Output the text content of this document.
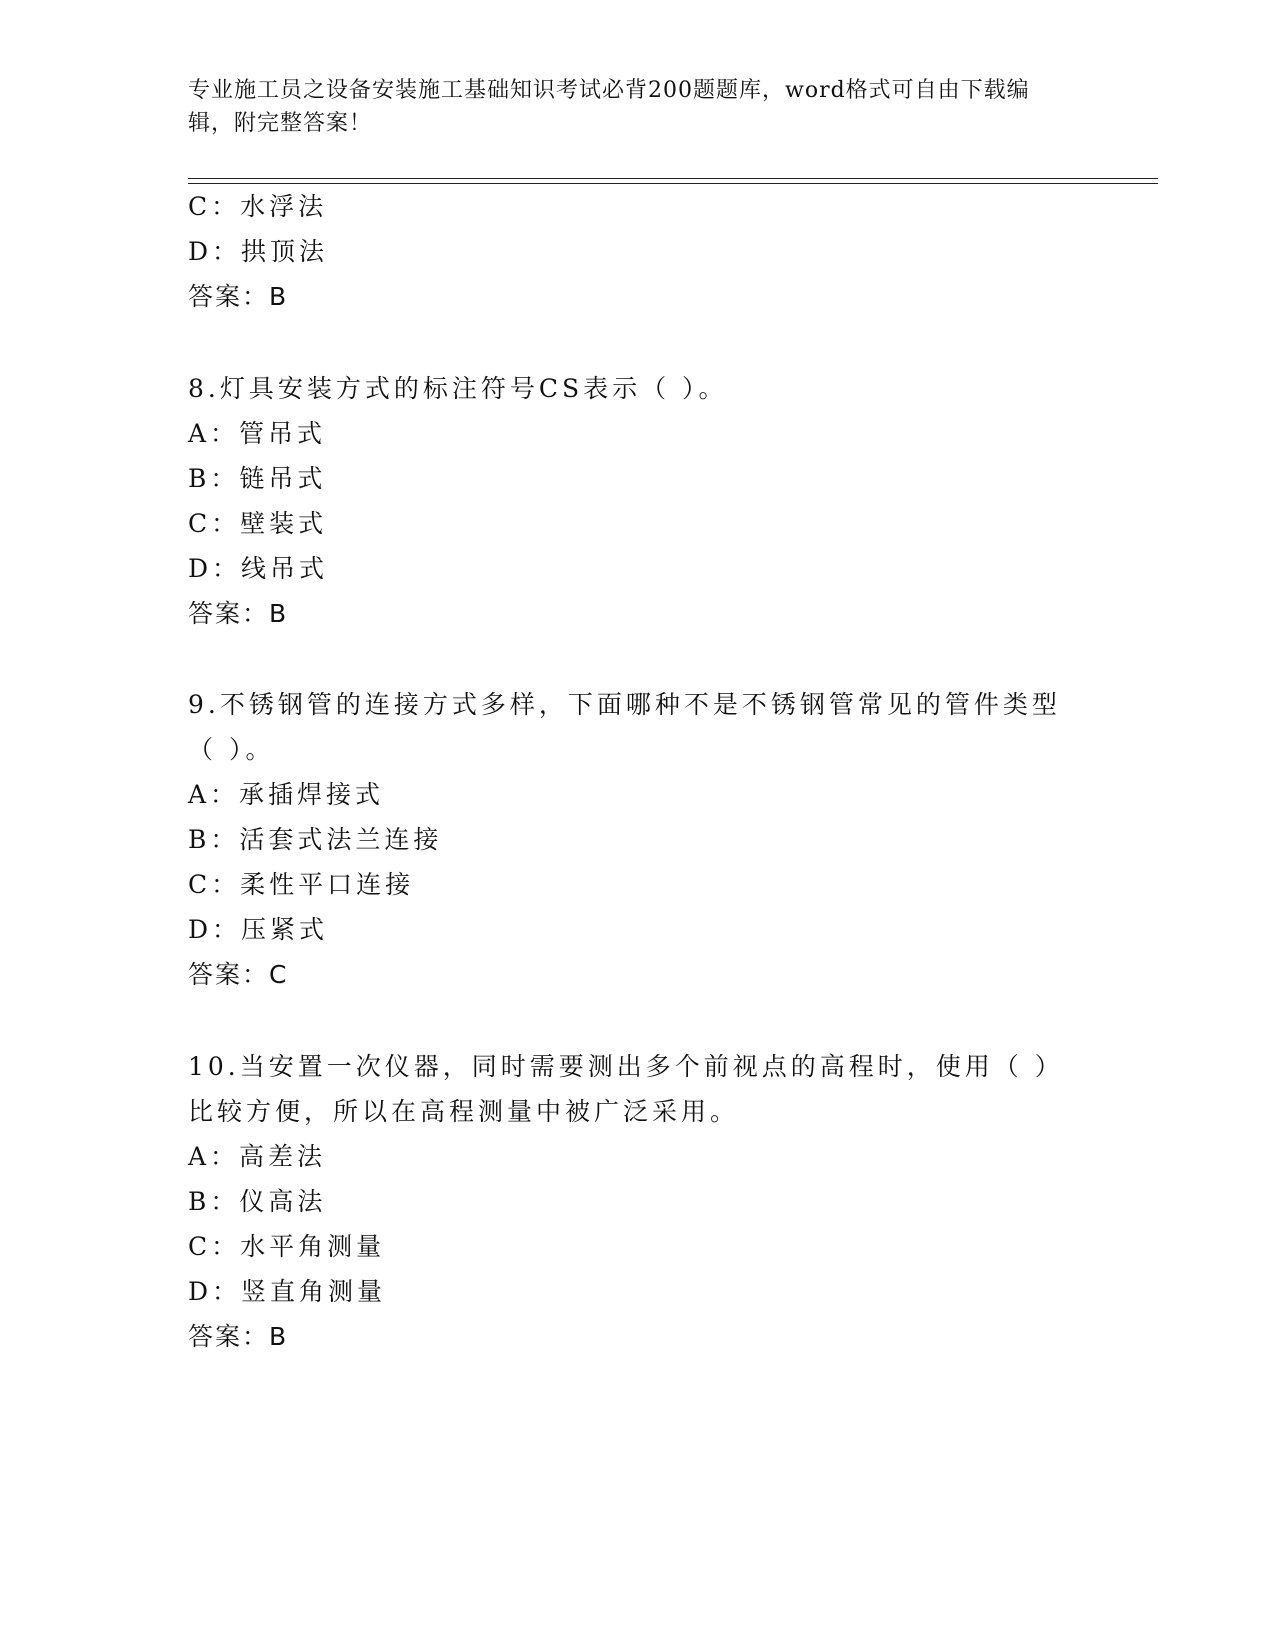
专业施工员之设备安装施工基础知识考试必背200题题库，word格式可自由下载编辑，附完整答案！

C：水浮法

D：拱顶法

答案：B

8.灯具安装方式的标注符号CS表示（ ）。

A：管吊式

B：链吊式

C：壁装式

D：线吊式

答案：B

9.不锈钢管的连接方式多样，下面哪种不是不锈钢管常见的管件类型

（ ）。

A：承插焊接式

B：活套式法兰连接

C：柔性平口连接

D：压紧式

答案：C

10.当安置一次仪器，同时需要测出多个前视点的高程时，使用（ ）

比较方便，所以在高程测量中被广泛采用。

A：高差法

B：仪高法

C：水平角测量

D：竖直角测量

答案：B
